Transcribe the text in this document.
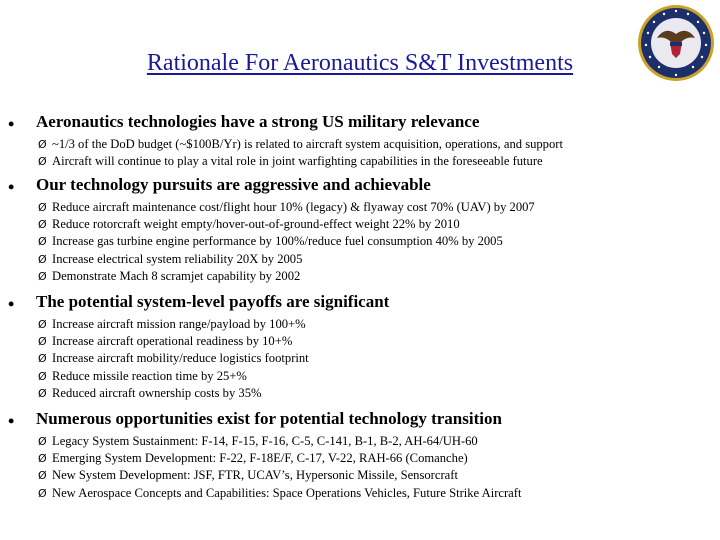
Rationale For Aeronautics S&T Investments
• Aeronautics technologies have a strong US military relevance
Ø ~1/3 of the DoD budget (~$100B/Yr) is related to aircraft system acquisition, operations, and support
Ø Aircraft will continue to play a vital role in joint warfighting capabilities in the foreseeable future
• Our technology pursuits are aggressive and achievable
Ø Reduce aircraft maintenance cost/flight hour 10% (legacy) & flyaway cost 70% (UAV) by 2007
Ø Reduce rotorcraft weight empty/hover-out-of-ground-effect weight 22% by 2010
Ø Increase gas turbine engine performance by 100%/reduce fuel consumption 40% by 2005
Ø Increase electrical system reliability 20X by 2005
Ø Demonstrate Mach 8 scramjet capability by 2002
• The potential system-level payoffs are significant
Ø Increase aircraft mission range/payload by 100+%
Ø Increase aircraft operational readiness by 10+%
Ø Increase aircraft mobility/reduce logistics footprint
Ø Reduce missile reaction time by 25+%
Ø Reduced aircraft ownership costs by 35%
• Numerous opportunities exist for potential technology transition
Ø Legacy System Sustainment: F-14, F-15, F-16, C-5, C-141, B-1, B-2, AH-64/UH-60
Ø Emerging System Development: F-22, F-18E/F, C-17, V-22, RAH-66 (Comanche)
Ø New System Development: JSF, FTR, UCAV’s, Hypersonic Missile, Sensorcraft
Ø New Aerospace Concepts and Capabilities: Space Operations Vehicles, Future Strike Aircraft
